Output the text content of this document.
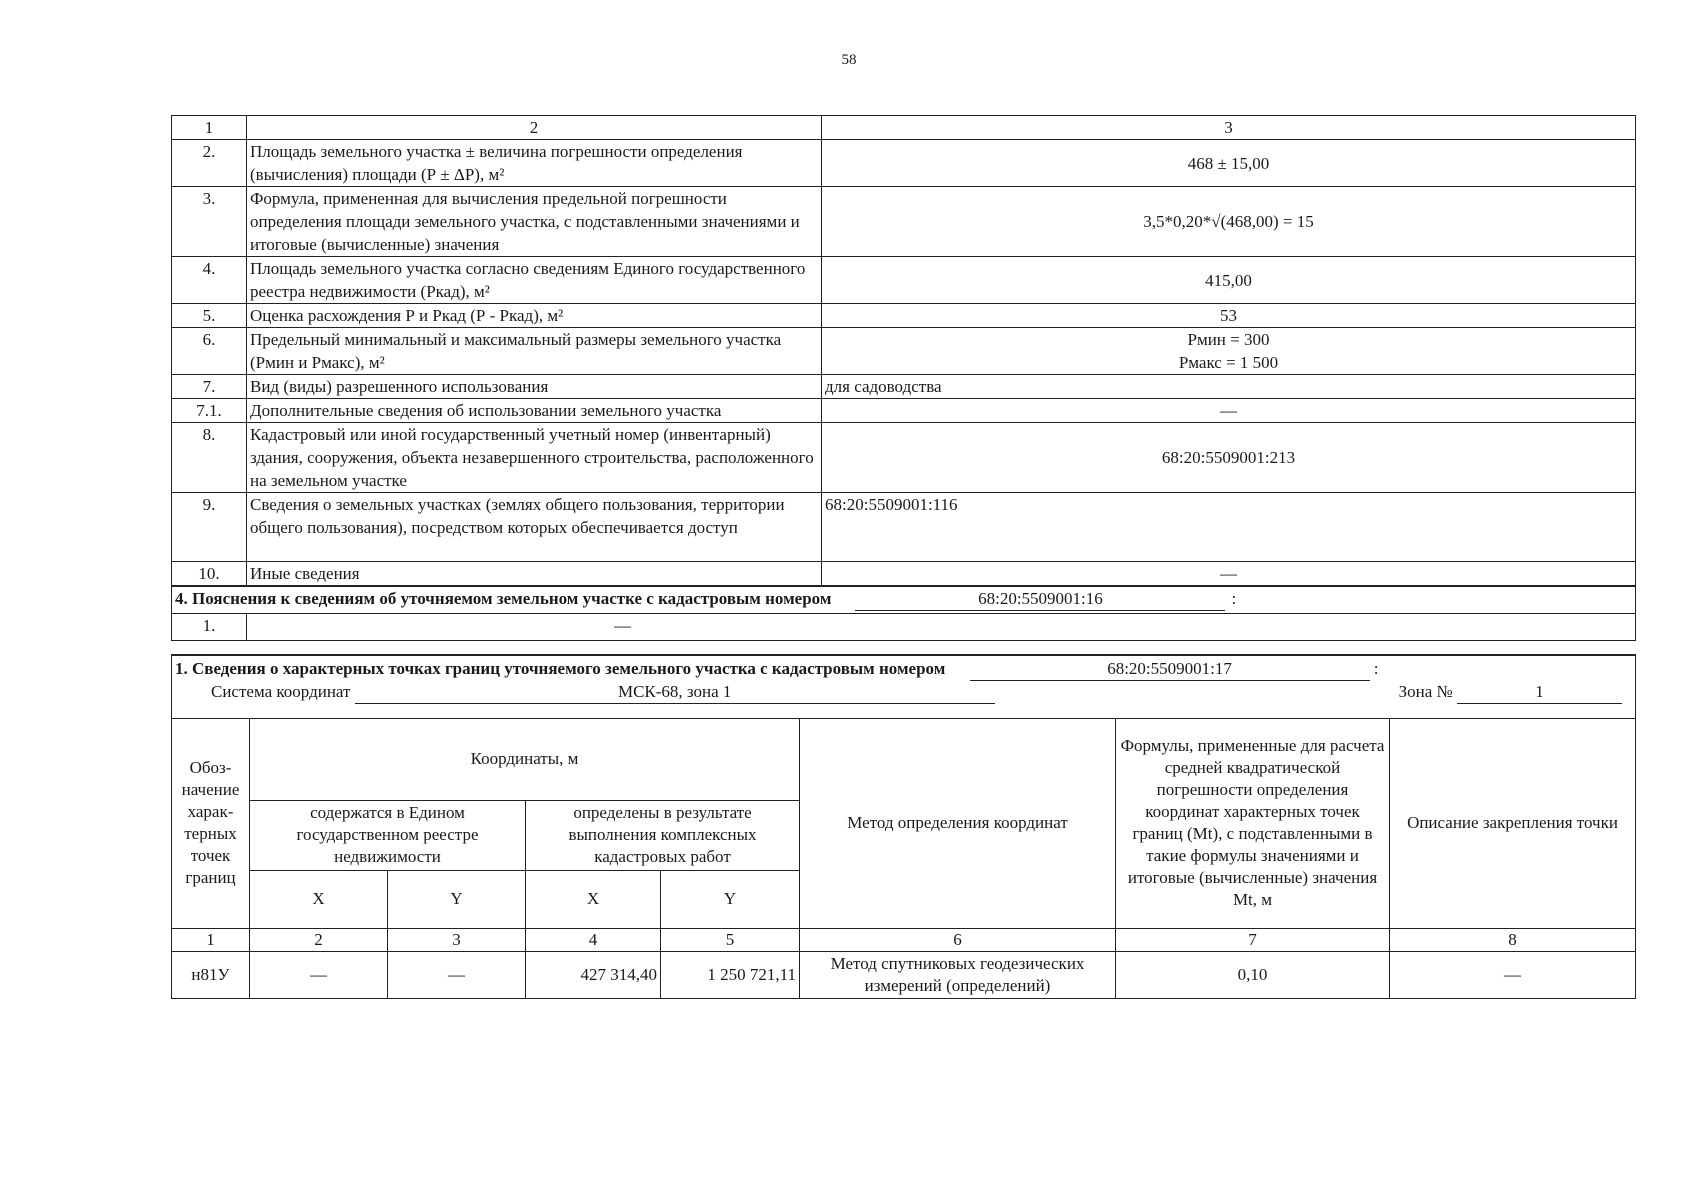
58
1	2	3
2.	Площадь земельного участка ± величина погрешности определения (вычисления) площади (Р ± ΔР), м²	468 ± 15,00
3.	Формула, примененная для вычисления предельной погрешности определения площади земельного участка, с подставленными значениями и итоговые (вычисленные) значения	3,5*0,20*√(468,00) = 15
4.	Площадь земельного участка согласно сведениям Единого государственного реестра недвижимости (Ркад), м²	415,00
5.	Оценка расхождения Р и Ркад (Р - Ркад), м²	53
6.	Предельный минимальный и максимальный размеры земельного участка (Рмин и Рмакс), м²	Рмин = 300
Рмакс = 1 500
7.	Вид (виды) разрешенного использования	для садоводства
7.1.	Дополнительные сведения об использовании земельного участка	—
8.	Кадастровый или иной государственный учетный номер (инвентарный) здания, сооружения, объекта незавершенного строительства, расположенного на земельном участке	68:20:5509001:213
9.	Сведения о земельных участках (землях общего пользования, территории общего пользования), посредством которых обеспечивается доступ	68:20:5509001:116
10.	Иные сведения	—
4. Пояснения к сведениям об уточняемом земельном участке с кадастровым номером 68:20:5509001:16 :		
1.	—	
1. Сведения о характерных точках границ уточняемого земельного участка с кадастровым номером 68:20:5509001:17 :
Система координат МСК-68, зона 1 Зона № 1							

Обоз-начение харак-терных точек границ	Координаты, м				Метод определения координат	Формулы, примененные для расчета средней квадратической погрешности определения координат характерных точек границ (Mt), с подставленными в такие формулы значениями и итоговые (вычисленные) значения Mt, м	Описание закрепления точки
	содержатся в Едином государственном реестре недвижимости		определены в результате выполнения комплексных кадастровых работ				
	X	Y	X	Y			
1	2	3	4	5	6	7	8
н81У	—	—	427 314,40	1 250 721,11	Метод спутниковых геодезических измерений (определений)	0,10	—
